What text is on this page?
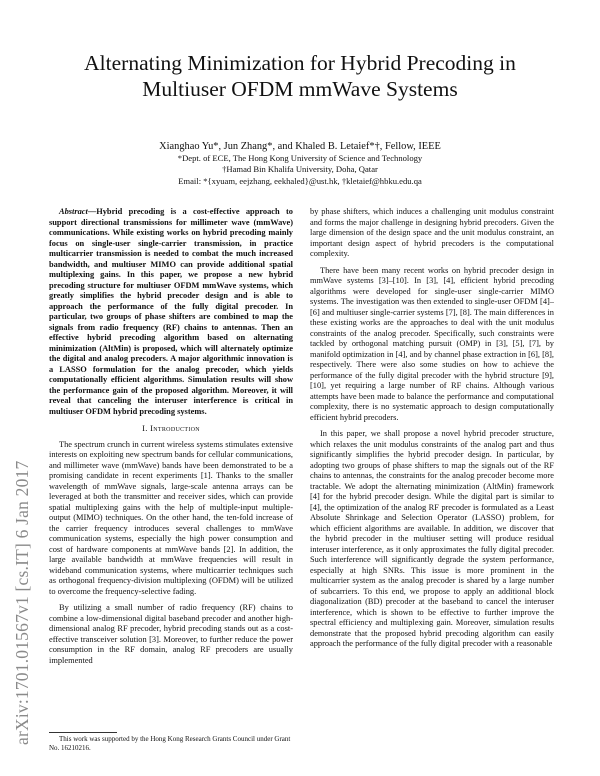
arXiv:1701.01567v1 [cs.IT] 6 Jan 2017
Alternating Minimization for Hybrid Precoding in
Multiuser OFDM mmWave Systems
Xianghao Yu*, Jun Zhang*, and Khaled B. Letaief*†, Fellow, IEEE
*Dept. of ECE, The Hong Kong University of Science and Technology
†Hamad Bin Khalifa University, Doha, Qatar
Email: *{xyuam, eejzhang, eekhaled}@ust.hk, †kletaief@hbku.edu.qa

Abstract—Hybrid precoding is a cost-effective approach to support directional transmissions for millimeter wave (mmWave) communications. While existing works on hybrid precoding mainly focus on single-user single-carrier transmission, in practice multicarrier transmission is needed to combat the much increased bandwidth, and multiuser MIMO can provide additional spatial multiplexing gains. In this paper, we propose a new hybrid precoding structure for multiuser OFDM mmWave systems, which greatly simplifies the hybrid precoder design and is able to approach the performance of the fully digital precoder. In particular, two groups of phase shifters are combined to map the signals from radio frequency (RF) chains to antennas. Then an effective hybrid precoding algorithm based on alternating minimization (AltMin) is proposed, which will alternately optimize the digital and analog precoders. A major algorithmic innovation is a LASSO formulation for the analog precoder, which yields computationally efficient algorithms. Simulation results will show the performance gain of the proposed algorithm. Moreover, it will reveal that canceling the interuser interference is critical in multiuser OFDM hybrid precoding systems.

I. Introduction

The spectrum crunch in current wireless systems stimulates extensive interests on exploiting new spectrum bands for cellular communications, and millimeter wave (mmWave) bands have been demonstrated to be a promising candidate in recent experiments [1]. Thanks to the smaller wavelength of mmWave signals, large-scale antenna arrays can be leveraged at both the transmitter and receiver sides, which can provide spatial multiplexing gains with the help of multiple-input multiple-output (MIMO) techniques. On the other hand, the ten-fold increase of the carrier frequency introduces several challenges to mmWave communication systems, especially the high power consumption and cost of hardware components at mmWave bands [2]. In addition, the large available bandwidth at mmWave frequencies will result in wideband communication systems, where multicarrier techniques such as orthogonal frequency-division multiplexing (OFDM) will be utilized to overcome the frequency-selective fading.

By utilizing a small number of radio frequency (RF) chains to combine a low-dimensional digital baseband precoder and another high-dimensional analog RF precoder, hybrid precoding stands out as a cost-effective transceiver solution [3]. Moreover, to further reduce the power consumption in the RF domain, analog RF precoders are usually implemented

by phase shifters, which induces a challenging unit modulus constraint and forms the major challenge in designing hybrid precoders. Given the large dimension of the design space and the unit modulus constraint, an important design aspect of hybrid precoders is the computational complexity.

There have been many recent works on hybrid precoder design in mmWave systems [3]–[10]. In [3], [4], efficient hybrid precoding algorithms were developed for single-user single-carrier MIMO systems. The investigation was then extended to single-user OFDM [4]–[6] and multiuser single-carrier systems [7], [8]. The main differences in these existing works are the approaches to deal with the unit modulus constraints of the analog precoder. Specifically, such constraints were tackled by orthogonal matching pursuit (OMP) in [3], [5], [7], by manifold optimization in [4], and by channel phase extraction in [6], [8], respectively. There were also some studies on how to achieve the performance of the fully digital precoder with the hybrid structure [9], [10], yet requiring a large number of RF chains. Although various attempts have been made to balance the performance and computational complexity, there is no systematic approach to design computationally efficient hybrid precoders.

In this paper, we shall propose a novel hybrid precoder structure, which relaxes the unit modulus constraints of the analog part and thus significantly simplifies the hybrid precoder design. In particular, by adopting two groups of phase shifters to map the signals out of the RF chains to antennas, the constraints for the analog precoder become more tractable. We adopt the alternating minimization (AltMin) framework [4] for the hybrid precoder design. While the digital part is similar to [4], the optimization of the analog RF precoder is formulated as a Least Absolute Shrinkage and Selection Operator (LASSO) problem, for which efficient algorithms are available. In addition, we discover that the hybrid precoder in the multiuser setting will produce residual interuser interference, as it only approximates the fully digital precoder. Such interference will significantly degrade the system performance, especially at high SNRs. This issue is more prominent in the multicarrier system as the analog precoder is shared by a large number of subcarriers. To this end, we propose to apply an additional block diagonalization (BD) precoder at the baseband to cancel the interuser interference, which is shown to be effective to further improve the spectral efficiency and multiplexing gain. Moreover, simulation results demonstrate that the proposed hybrid precoding algorithm can easily approach the performance of the fully digital precoder with a reasonable

This work was supported by the Hong Kong Research Grants Council under Grant No. 16210216.
